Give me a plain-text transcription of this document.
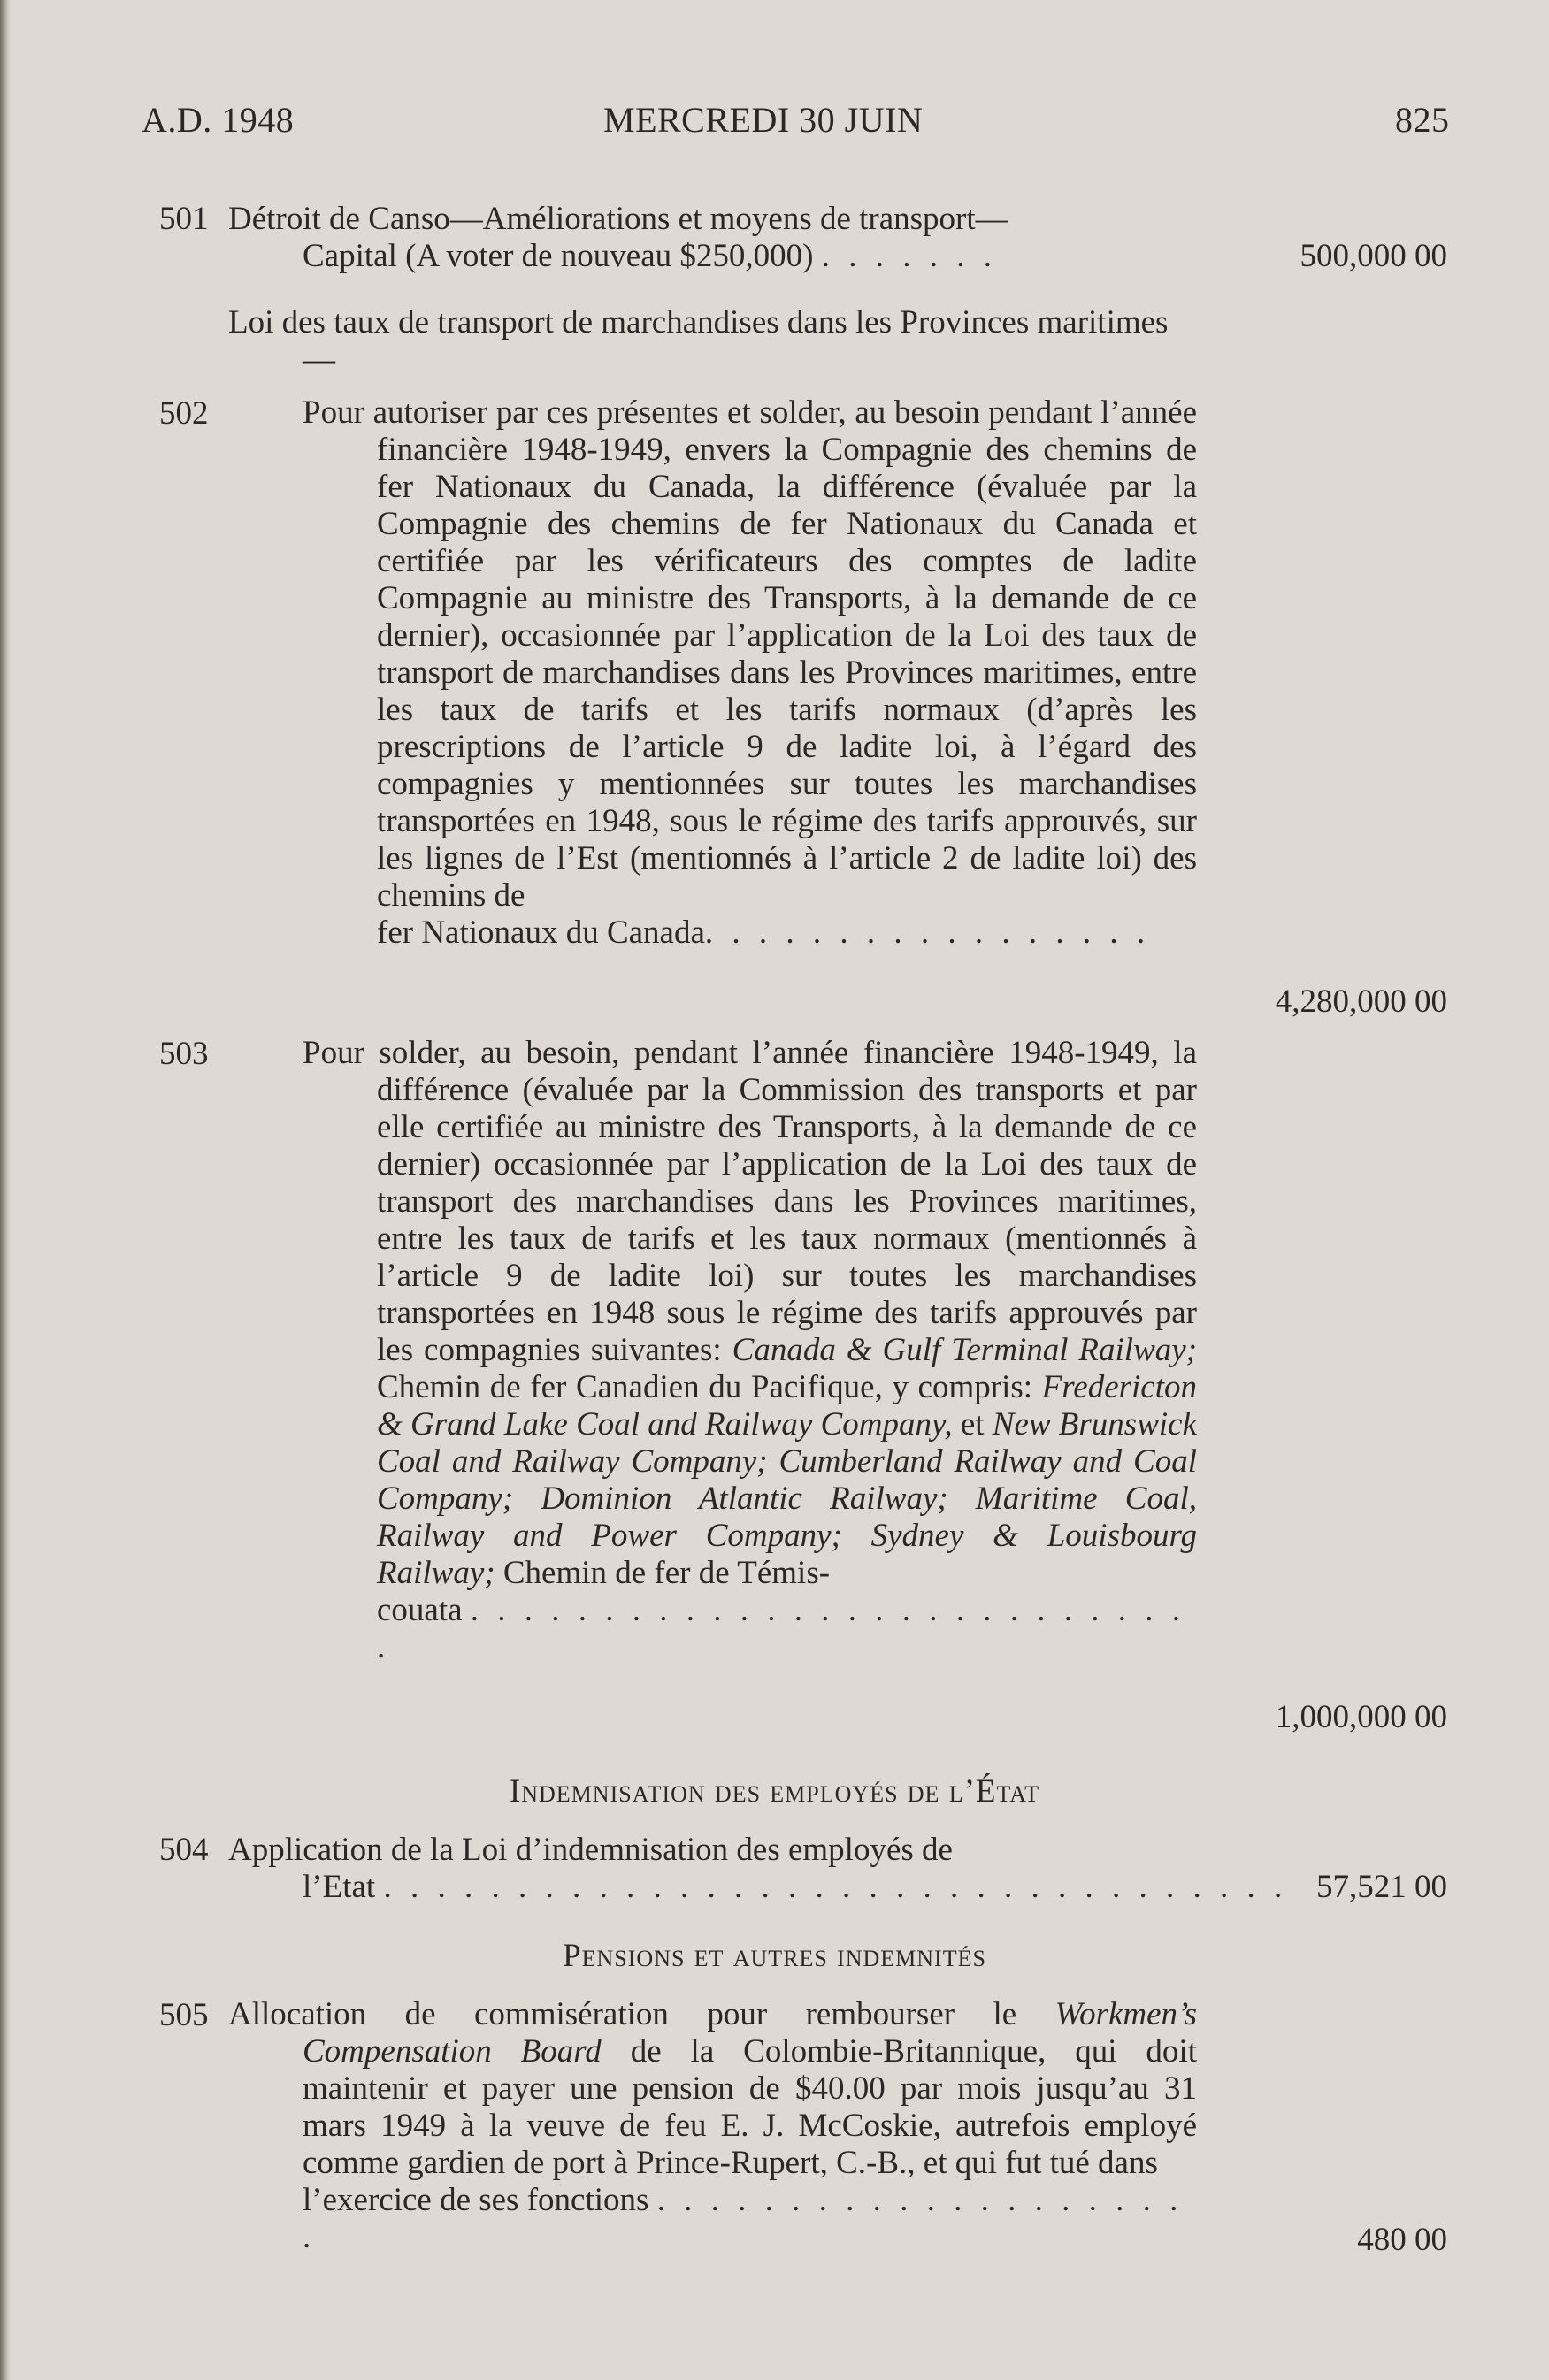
A.D. 1948	MERCREDI 30 JUIN	825
501 Détroit de Canso—Améliorations et moyens de transport—
Capital (A voter de nouveau $250,000) . . . . . . .	500,000 00

Loi des taux de transport de marchandises dans les Provinces maritimes—

502	Pour autoriser par ces présentes et solder, au besoin pendant l’année financière 1948-1949, envers la Compagnie des chemins de fer Nationaux du Canada, la différence (évaluée par la Compagnie des chemins de fer Nationaux du Canada et certifiée par les vérificateurs des comptes de ladite Compagnie au ministre des Transports, à la demande de ce dernier), occasionnée par l’application de la Loi des taux de transport de marchandises dans les Provinces maritimes, entre les taux de tarifs et les tarifs normaux (d’après les prescriptions de l’article 9 de ladite loi, à l’égard des compagnies y mentionnées sur toutes les marchandises transportées en 1948, sous le régime des tarifs approuvés, sur les lignes de l’Est (mentionnés à l’article 2 de ladite loi) des chemins de

fer Nationaux du Canada. . . . . . . . . . . . . . . . .

4,280,000 00
503	Pour solder, au besoin, pendant l’année financière 1948-1949, la différence (évaluée par la Commission des transports et par elle certifiée au ministre des Transports, à la demande de ce dernier) occasionnée par l’application de la Loi des taux de transport des marchandises dans les Provinces maritimes, entre les taux de tarifs et les taux normaux (mentionnés à l’article 9 de ladite loi) sur toutes les marchandises transportées en 1948 sous le régime des tarifs approuvés par les compagnies suivantes: Canada & Gulf Terminal Railway; Chemin de fer Canadien du Pacifique, y compris: Fredericton & Grand Lake Coal and Railway Company, et New Brunswick Coal and Railway Company; Cumberland Railway and Coal Company; Dominion Atlantic Railway; Maritime Coal, Railway and Power Company; Sydney & Louisbourg Railway; Chemin de fer de Témis-

couata . . . . . . . . . . . . . . . . . . . . . . . . . . . .

1,000,000 00
Indemnisation des employés de l’État
504 Application de la Loi d’indemnisation des employés de
l’Etat . . . . . . . . . . . . . . . . . . . . . . . . . . . . . . . . . . 57,521 00
Pensions et autres indemnités
505 Allocation de commisération pour rembourser le Workmen’s Compensation Board de la Colombie-Britannique, qui doit maintenir et payer une pension de $40.00 par mois jusqu’au 31 mars 1949 à la veuve de feu E. J. McCoskie, autrefois employé comme gardien de port à Prince-Rupert, C.-B., et qui fut tué dans

l’exercice de ses fonctions . . . . . . . . . . . . . . . . . . . . .	480 00
